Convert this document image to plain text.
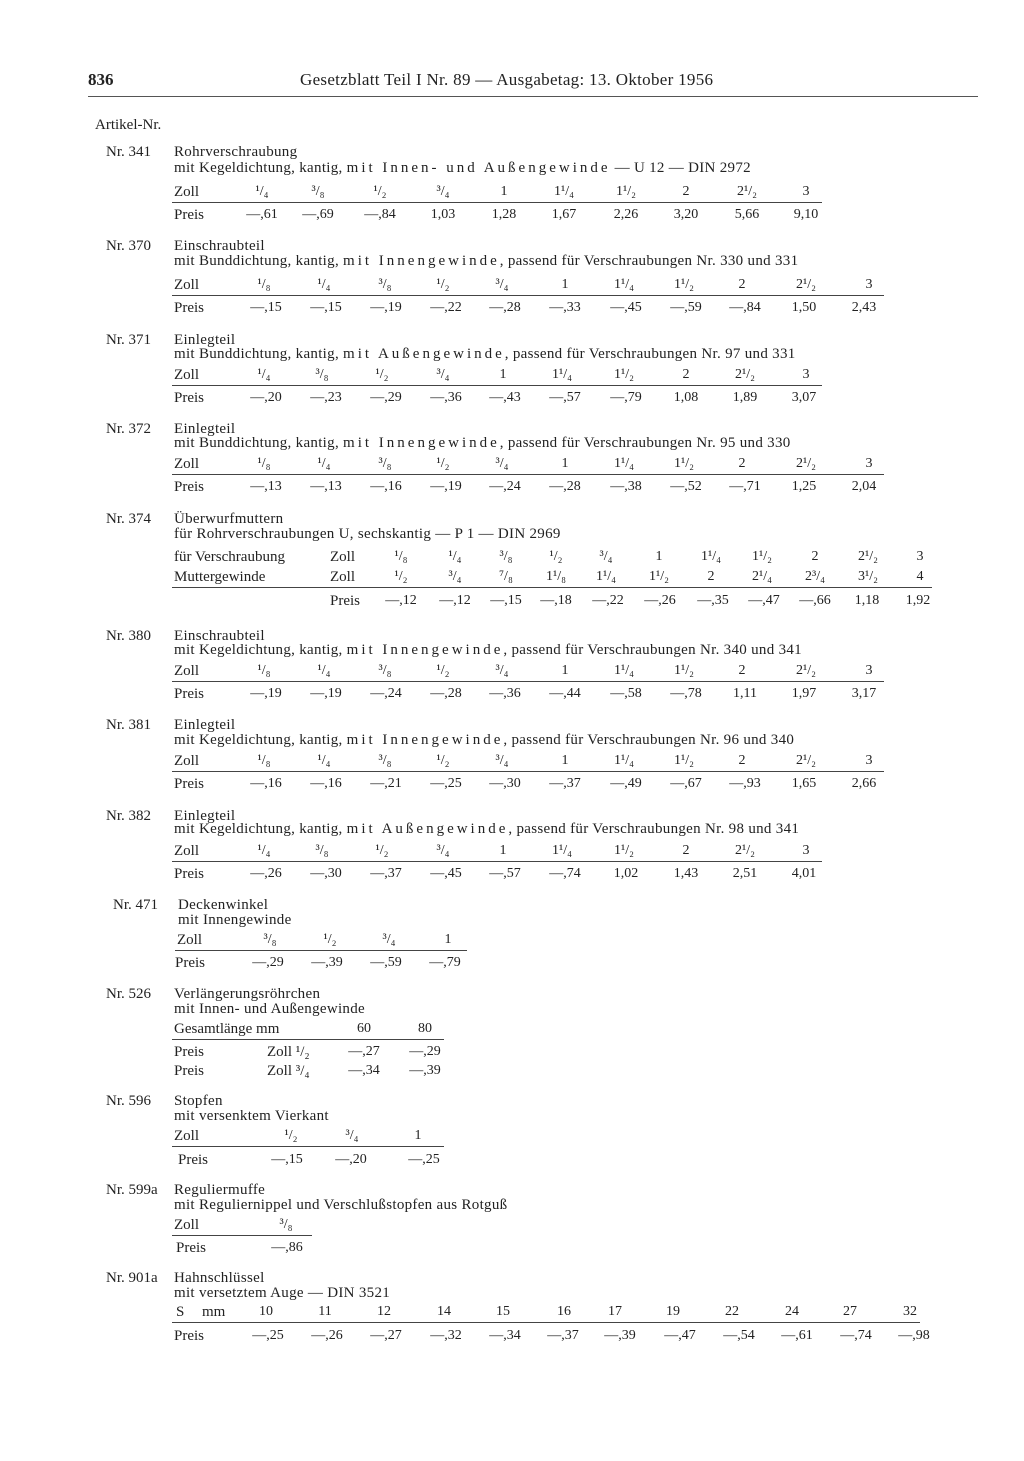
836	Gesetzblatt Teil I Nr. 89 — Ausgabetag: 13. Oktober 1956
Artikel-Nr.
Nr. 341 Rohrverschraubung
mit Kegeldichtung, kantig, mit Innen- und Außengewinde — U 12 — DIN 2972
Zoll	¹/₄	³/₈	¹/₂	³/₄	1	1¹/₄	1¹/₂	2	2¹/₂	3
Preis	—,61 —,69 —,84	1,03	1,28	1,67	2,26	3,20	5,66 9,10
Nr. 370 Einschraubteil
mit Bunddichtung, kantig, mit Innengewinde, passend für Verschraubungen Nr. 330 und 331
Zoll	¹/₈	¹/₄	³/₈	¹/₂	³/₄	1	1¹/₄	1¹/₂	2	2¹/₂	3
Preis	—,15 —,15 —,19 —,22 —,28 —,33 —,45 —,59 —,84 1,50	2,43
Nr. 371 Einlegteil
mit Bunddichtung, kantig, mit Außengewinde, passend für Verschraubungen Nr. 97 und 331
Zoll	¹/₄	³/₈	¹/₂	³/₄	1	1¹/₄	1¹/₂	2	2¹/₂	3
Preis	—,20 —,23 —,29 —,36 —,43 —,57 —,79 1,08 1,89 3,07
Nr. 372 Einlegteil
mit Bunddichtung, kantig, mit Innengewinde, passend für Verschraubungen Nr. 95 und 330
Zoll	¹/₈	¹/₄	³/₈	¹/₂	³/₄	1	1¹/₄	1¹/₂	2	2¹/₂	3
Preis	—,13 —,13 —,16 —,19 —,24 —,28 —,38 —,52 —,71 1,25	2,04
Nr. 374 Überwurfmuttern
für Rohrverschraubungen U, sechskantig — P 1 — DIN 2969
für Verschraubung	Zoll	¹/₈	¹/₄	³/₈	¹/₂	³/₄	1	1¹/₄ 1¹/₂	2	2¹/₂	3
Muttergewinde	Zoll	¹/₂	³/₄	⁷/₈ 1¹/₈ 1¹/₄ 1¹/₂	2	2¹/₄ 2³/₄ 3¹/₂	4
Preis —,12 —,12 —,15 —,18 —,22 —,26 —,35 —,47 —,66 1,18 1,92
Nr. 380 Einschraubteil
mit Kegeldichtung, kantig, mit Innengewinde, passend für Verschraubungen Nr. 340 und 341
Zoll	¹/₈	¹/₄	³/₈	¹/₂	³/₄	1	1¹/₄	1¹/₂	2	2¹/₂	3
Preis	—,19 —,19 —,24 —,28 —,36 —,44 —,58 —,78 1,11 1,97	3,17
Nr. 381 Einlegteil
mit Kegeldichtung, kantig, mit Innengewinde, passend für Verschraubungen Nr. 96 und 340
Zoll	¹/₈	¹/₄	³/₈	¹/₂	³/₄	1	1¹/₄	1¹/₂	2	2¹/₂	3
Preis	—,16 —,16 —,21 —,25 —,30 —,37 —,49 —,67 —,93 1,65	2,66
Nr. 382 Einlegteil
mit Kegeldichtung, kantig, mit Außengewinde, passend für Verschraubungen Nr. 98 und 341
Zoll	¹/₄	³/₈	¹/₂	³/₄	1	1¹/₄	1¹/₂	2	2¹/₂	3
Preis	—,26 —,30 —,37 —,45 —,57 —,74 1,02	1,43 2,51 4,01
Nr. 471 Deckenwinkel
mit Innengewinde
Zoll	³/₈	¹/₂	³/₄	1
Preis	—,29 —,39 —,59 —,79
Nr. 526 Verlängerungsröhrchen
mit Innen- und Außengewinde
Gesamtlänge mm	60	80
Preis	Zoll ¹/₂	—,27 —,29
Preis	Zoll ³/₄	—,34 —,39
Nr. 596 Stopfen
mit versenktem Vierkant
Zoll	¹/₂	³/₄	1
Preis	—,15 —,20	—,25
Nr. 599a Reguliermuffe
mit Reguliernippel und Verschlußstopfen aus Rotguß
Zoll	³/₈
Preis	—,86
Nr. 901a Hahnschlüssel
mit versetztem Auge — DIN 3521
S mm 10	11	12	14	15	16	17	19	22	24	27	32
Preis	—,25 —,26 —,27 —,32 —,34 —,37 —,39 —,47 —,54 —,61 —,74 —,98
